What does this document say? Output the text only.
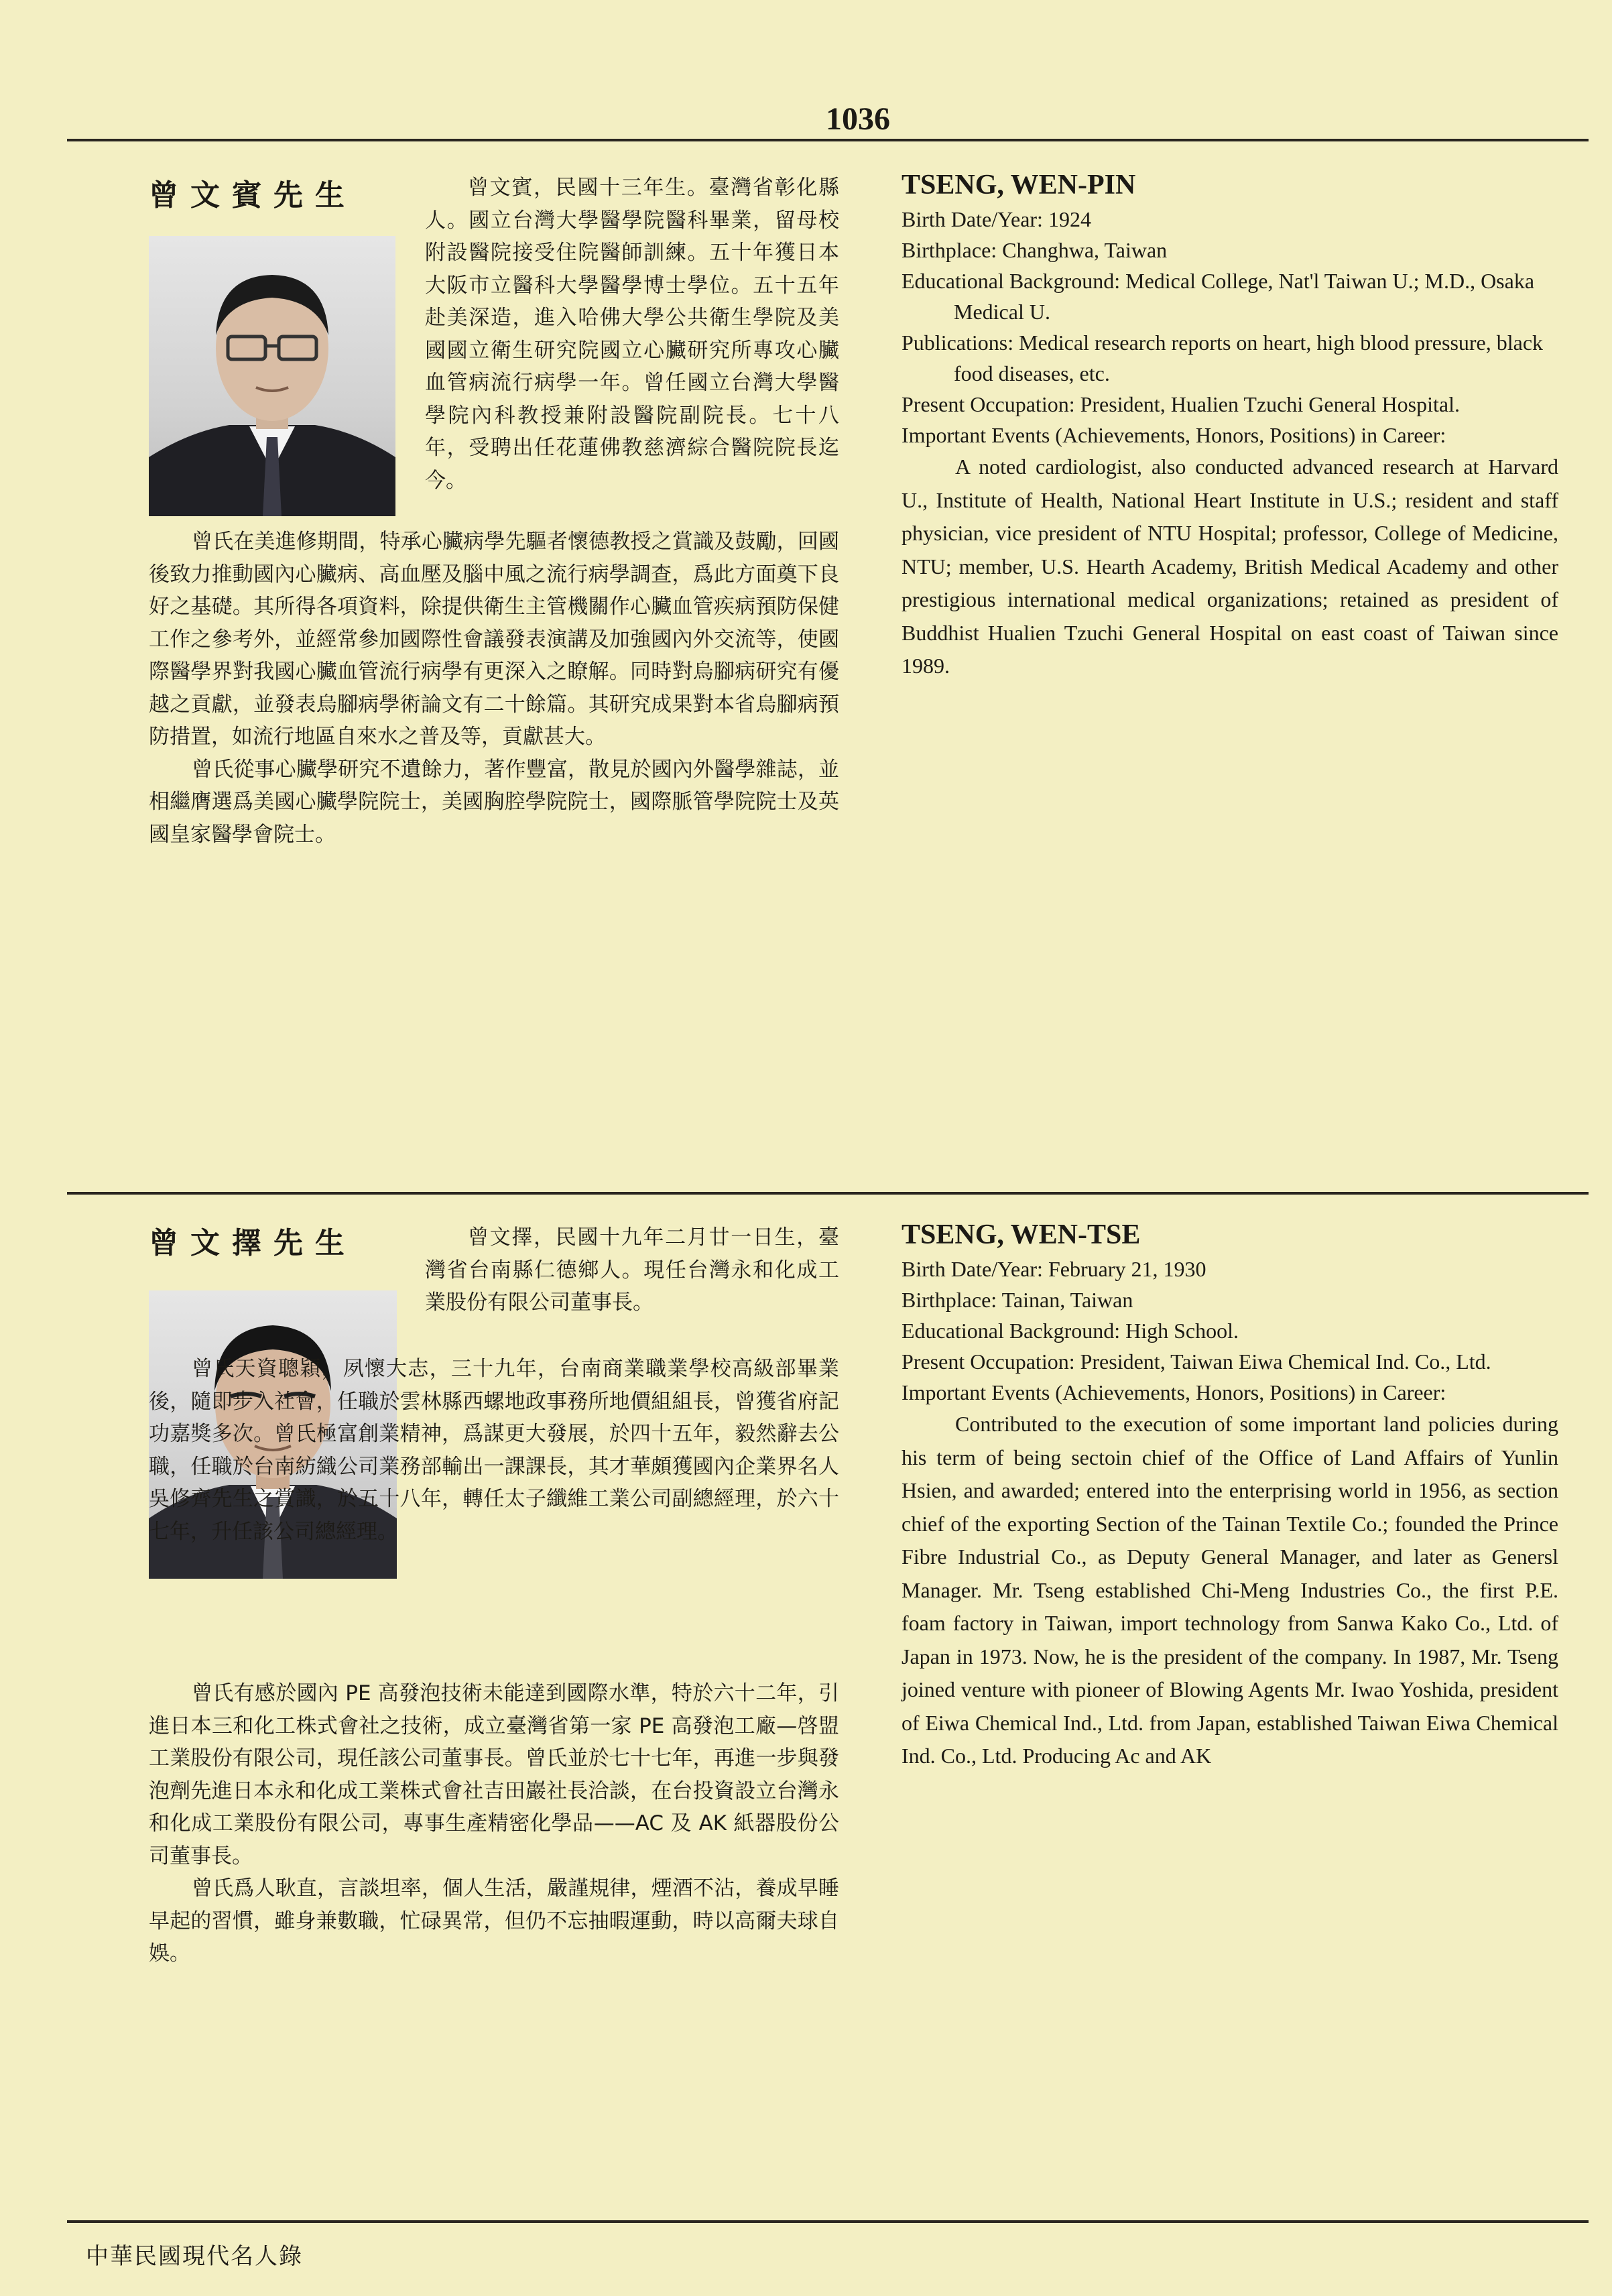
1036
曾文賓先生	曾文賓，民國十三年生。臺灣省彰化縣人。國立台灣大學醫學院醫科畢業，留母校附設醫院接受住院醫師訓練。五十年獲日本大阪市立醫科大學醫學博士學位。五十五年赴美深造，進入哈佛大學公共衛生學院及美國國立衛生研究院國立心臟研究所專攻心臟血管病流行病學一年。曾任國立台灣大學醫學院內科教授兼附設醫院副院長。七十八年，受聘出任花蓮佛教慈濟綜合醫院院長迄今。

曾氏在美進修期間，特承心臟病學先驅者懷德教授之賞識及鼓勵，回國後致力推動國內心臟病、高血壓及腦中風之流行病學調查，爲此方面奠下良好之基礎。其所得各項資料，除提供衛生主管機關作心臟血管疾病預防保健工作之參考外，並經常參加國際性會議發表演講及加強國內外交流等，使國際醫學界對我國心臟血管流行病學有更深入之瞭解。同時對烏腳病研究有優越之貢獻，並發表烏腳病學術論文有二十餘篇。其研究成果對本省烏腳病預防措置，如流行地區自來水之普及等，貢獻甚大。

曾氏從事心臟學研究不遺餘力，著作豐富，散見於國內外醫學雜誌，並相繼膺選爲美國心臟學院院士，美國胸腔學院院士，國際脈管學院院士及英國皇家醫學會院士。

TSENG, WEN-PIN

Birth Date/Year: 1924

Birthplace: Changhwa, Taiwan

Educational Background: Medical College, Nat'l Taiwan U.; M.D., Osaka Medical U.

Publications: Medical research reports on heart, high blood pressure, black food diseases, etc.

Present Occupation: President, Hualien Tzuchi General Hospital.

Important Events (Achievements, Honors, Positions) in Career:

A noted cardiologist, also conducted advanced research at Harvard U., Institute of Health, National Heart Institute in U.S.; resident and staff physician, vice president of NTU Hospital; professor, College of Medicine, NTU; member, U.S. Hearth Academy, British Medical Academy and other prestigious international medical organizations; retained as president of Buddhist Hualien Tzuchi General Hospital on east coast of Taiwan since 1989.

曾文擇先生	曾文擇，民國十九年二月廿一日生，臺灣省台南縣仁德鄉人。現任台灣永和化成工業股份有限公司董事長。

曾氏天資聰穎，夙懷大志，三十九年，台南商業職業學校高級部畢業後，隨即步入社會，任職於雲林縣西螺地政事務所地價組組長，曾獲省府記功嘉獎多次。曾氏極富創業精神，爲謀更大發展，於四十五年，毅然辭去公職，任職於台南紡織公司業務部輸出一課課長，其才華頗獲國內企業界名人吳修齊先生之賞識，於五十八年，轉任太子纖維工業公司副總經理，於六十七年，升任該公司總經理。

曾氏有感於國內 PE 高發泡技術未能達到國際水準，特於六十二年，引進日本三和化工株式會社之技術，成立臺灣省第一家 PE 高發泡工廠—啓盟工業股份有限公司，現任該公司董事長。曾氏並於七十七年，再進一步與發泡劑先進日本永和化成工業株式會社吉田巖社長洽談，在台投資設立台灣永和化成工業股份有限公司，專事生產精密化學品——AC 及 AK 紙器股份公司董事長。

曾氏爲人耿直，言談坦率，個人生活，嚴謹規律，煙酒不沾，養成早睡早起的習慣，雖身兼數職，忙碌異常，但仍不忘抽暇運動，時以高爾夫球自娛。

TSENG, WEN-TSE

Birth Date/Year: February 21, 1930

Birthplace: Tainan, Taiwan

Educational Background: High School.

Present Occupation: President, Taiwan Eiwa Chemical Ind. Co., Ltd.

Important Events (Achievements, Honors, Positions) in Career:

Contributed to the execution of some important land policies during his term of being sectoin chief of the Office of Land Affairs of Yunlin Hsien, and awarded; entered into the enterprising world in 1956, as section chief of the exporting Section of the Tainan Textile Co.; founded the Prince Fibre Industrial Co., as Deputy General Manager, and later as Genersl Manager. Mr. Tseng established Chi-Meng Industries Co., the first P.E. foam factory in Taiwan, import technology from Sanwa Kako Co., Ltd. of Japan in 1973. Now, he is the president of the company. In 1987, Mr. Tseng joined venture with pioneer of Blowing Agents Mr. Iwao Yoshida, president of Eiwa Chemical Ind., Ltd. from Japan, established Taiwan Eiwa Chemical Ind. Co., Ltd. Producing Ac and AK

中華民國現代名人錄
